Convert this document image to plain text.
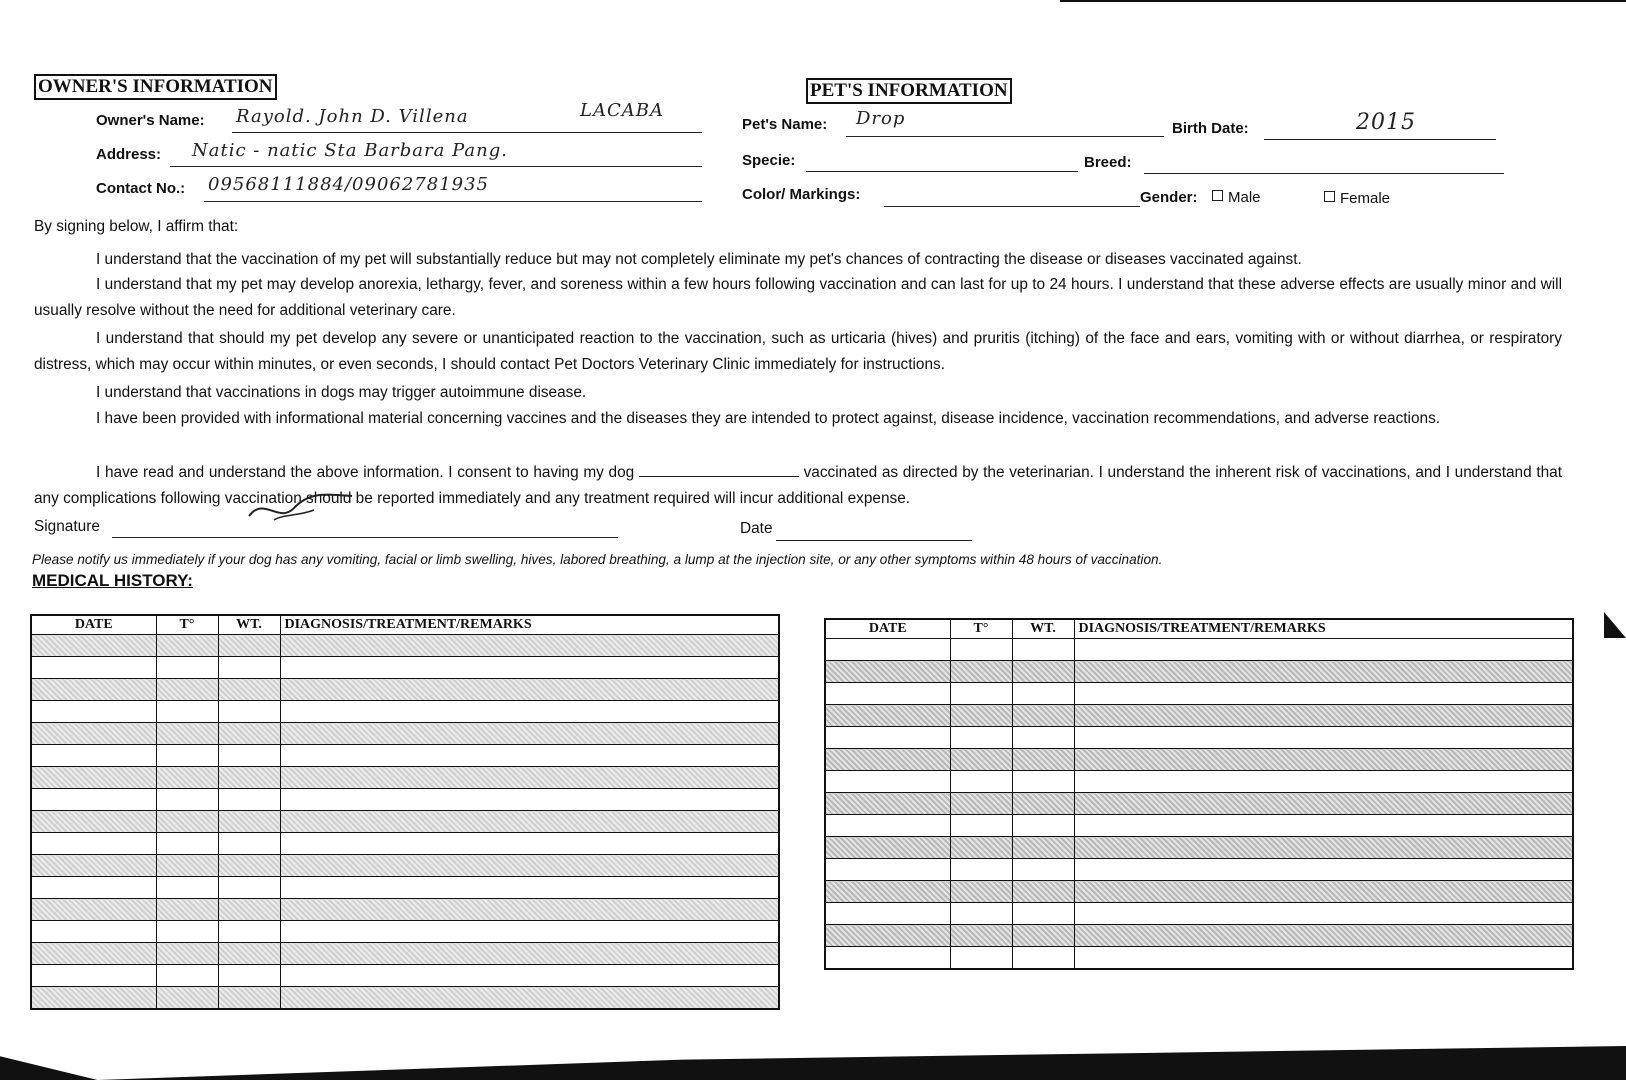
OWNER'S INFORMATION
Owner's Name: Rayold. John D. Villena	LACABA
Address: Natic - natic Sta Barbara Pang.
Contact No.: 09568111884/09062781935
PET'S INFORMATION
Pet's Name: Drop	Birth Date:	2015
Specie:	Breed:
Color/ Markings:	Gender:	Male	Female
By signing below, I affirm that:
I understand that the vaccination of my pet will substantially reduce but may not completely eliminate my pet's chances of contracting the disease or diseases vaccinated against.
I understand that my pet may develop anorexia, lethargy, fever, and soreness within a few hours following vaccination and can last for up to 24 hours. I understand that these adverse effects are usually minor and will usually resolve without the need for additional veterinary care.
I understand that should my pet develop any severe or unanticipated reaction to the vaccination, such as urticaria (hives) and pruritis (itching) of the face and ears, vomiting with or without diarrhea, or respiratory distress, which may occur within minutes, or even seconds, I should contact Pet Doctors Veterinary Clinic immediately for instructions.
I understand that vaccinations in dogs may trigger autoimmune disease.
I have been provided with informational material concerning vaccines and the diseases they are intended to protect against, disease incidence, vaccination recommendations, and adverse reactions.
I have read and understand the above information. I consent to having my dog	vaccinated as directed by the veterinarian. I understand the inherent risk of vaccinations, and I understand that any complications following vaccination should be reported immediately and any treatment required will incur additional expense.
Signature	Date
Please notify us immediately if your dog has any vomiting, facial or limb swelling, hives, labored breathing, a lump at the injection site, or any other symptoms within 48 hours of vaccination.
MEDICAL HISTORY:
DATE	T°	WT.	DIAGNOSIS/TREATMENT/REMARKS

				DATE	T°	WT.	DIAGNOSIS/TREATMENT/REMARKS
